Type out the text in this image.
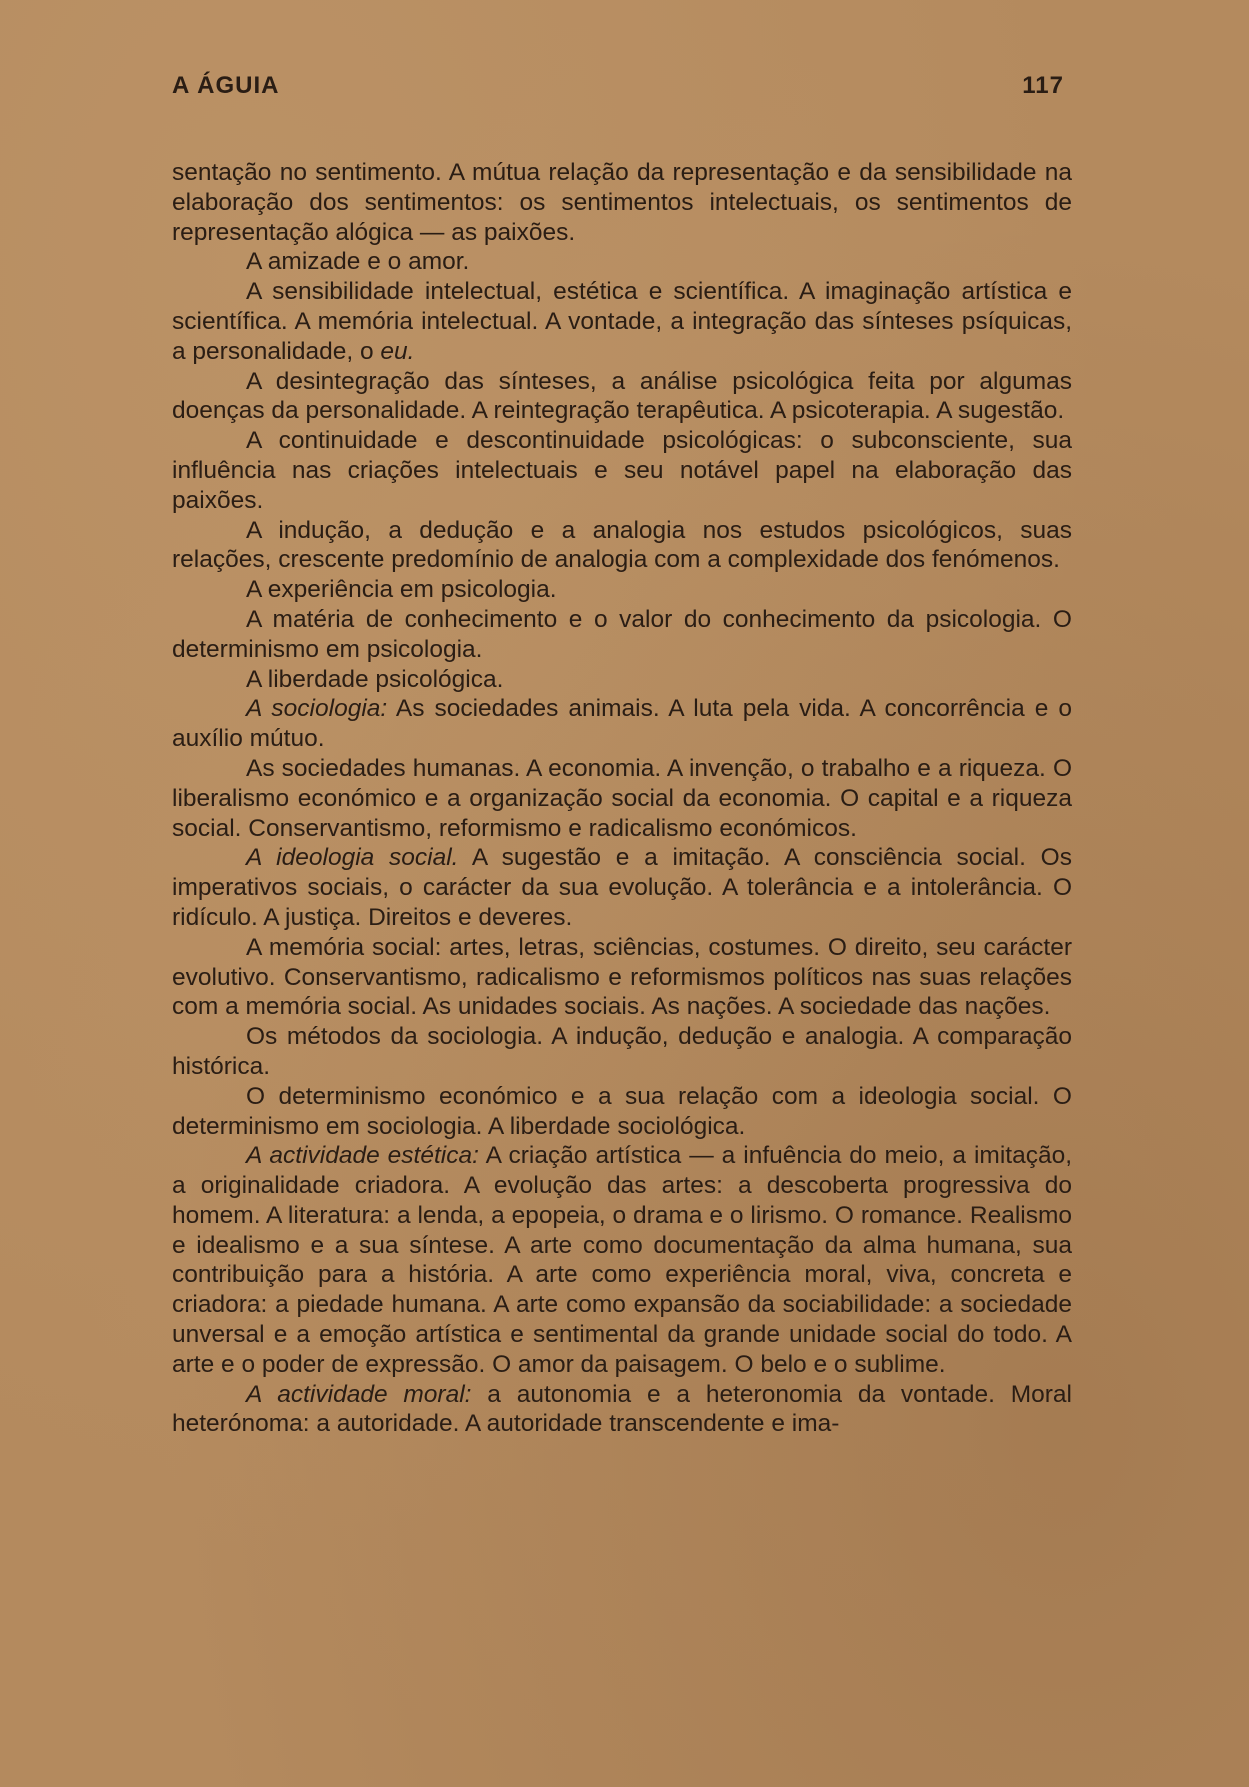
A ÁGUIA	117

sentação no sentimento. A mútua relação da representação e da sensibilidade na elaboração dos sentimentos: os sentimentos intelectuais, os sentimentos de representação alógica — as paixões.

A amizade e o amor.

A sensibilidade intelectual, estética e scientífica. A imaginação artística e scientífica. A memória intelectual. A vontade, a integração das sínteses psíquicas, a personalidade, o eu.

A desintegração das sínteses, a análise psicológica feita por algumas doenças da personalidade. A reintegração terapêutica. A psicoterapia. A sugestão.

A continuidade e descontinuidade psicológicas: o subconsciente, sua influência nas criações intelectuais e seu notável papel na elaboração das paixões.

A indução, a dedução e a analogia nos estudos psicológicos, suas relações, crescente predomínio de analogia com a complexidade dos fenómenos.

A experiência em psicologia.

A matéria de conhecimento e o valor do conhecimento da psicologia. O determinismo em psicologia.

A liberdade psicológica.

A sociologia: As sociedades animais. A luta pela vida. A concorrência e o auxílio mútuo.

As sociedades humanas. A economia. A invenção, o trabalho e a riqueza. O liberalismo económico e a organização social da economia. O capital e a riqueza social. Conservantismo, reformismo e radicalismo económicos.

A ideologia social. A sugestão e a imitação. A consciência social. Os imperativos sociais, o carácter da sua evolução. A tolerância e a intolerância. O ridículo. A justiça. Direitos e deveres.

A memória social: artes, letras, sciências, costumes. O direito, seu carácter evolutivo. Conservantismo, radicalismo e reformismos políticos nas suas relações com a memória social. As unidades sociais. As nações. A sociedade das nações.

Os métodos da sociologia. A indução, dedução e analogia. A comparação histórica.

O determinismo económico e a sua relação com a ideologia social. O determinismo em sociologia. A liberdade sociológica.

A actividade estética: A criação artística — a infuência do meio, a imitação, a originalidade criadora. A evolução das artes: a descoberta progressiva do homem. A literatura: a lenda, a epopeia, o drama e o lirismo. O romance. Realismo e idealismo e a sua síntese. A arte como documentação da alma humana, sua contribuição para a história. A arte como experiência moral, viva, concreta e criadora: a piedade humana. A arte como expansão da sociabilidade: a sociedade unversal e a emoção artística e sentimental da grande unidade social do todo. A arte e o poder de expressão. O amor da paisagem. O belo e o sublime.

A actividade moral: a autonomia e a heteronomia da vontade. Moral heterónoma: a autoridade. A autoridade transcendente e ima-
